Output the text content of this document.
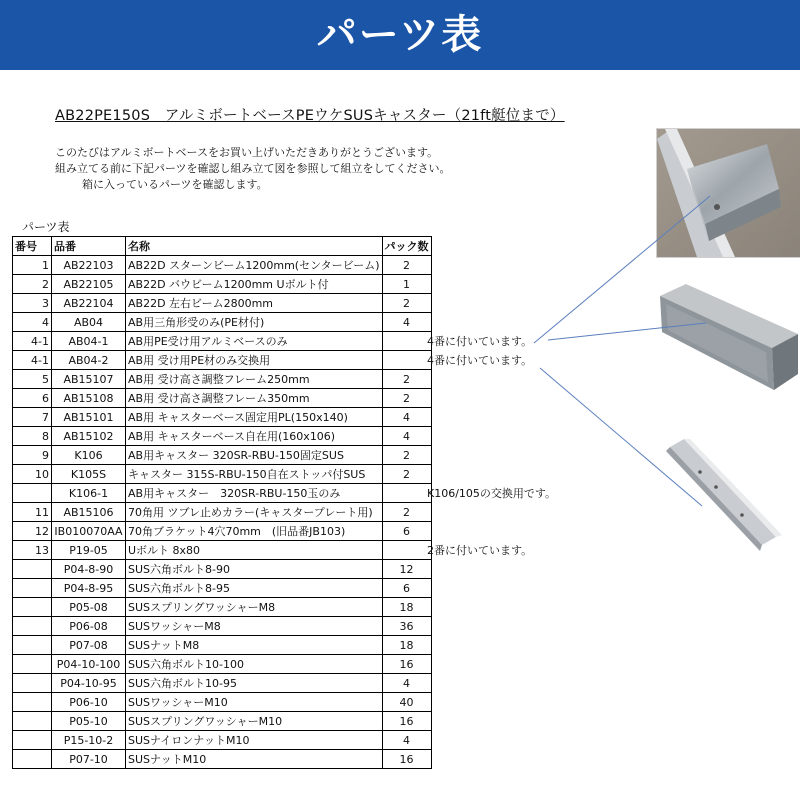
パーツ表
AB22PE150S　アルミボートベースPEウケSUSキャスター（21ft艇位まで）
このたびはアルミボートベースをお買い上げいただきありがとうございます。
組み立てる前に下記パーツを確認し組み立て図を参照して組立をしてください。
箱に入っているパーツを確認します。
パーツ表
番号	品番	名称	パック数
1	AB22103	AB22D スターンビーム1200mm(センタービーム)	2
2	AB22105	AB22D バウビーム1200mm Uボルト付	1
3	AB22104	AB22D 左右ビーム2800mm	2
4	AB04	AB用三角形受のみ(PE材付)	4
4-1	AB04-1	AB用PE受け用アルミベースのみ	
4-1	AB04-2	AB用 受け用PE材のみ交換用	
5	AB15107	AB用 受け高さ調整フレーム250mm	2
6	AB15108	AB用 受け高さ調整フレーム350mm	2
7	AB15101	AB用 キャスターベース固定用PL(150x140)	4
8	AB15102	AB用 キャスターベース自在用(160x106)	4
9	K106	AB用キャスター 320SR-RBU-150固定SUS	2
10	K105S	キャスター 315S-RBU-150自在ストッパ付SUS	2
	K106-1	AB用キャスター　320SR-RBU-150玉のみ	
11	AB15106	70角用 ツブレ止めカラー(キャスタープレート用)	2
12	IB010070AA	70角ブラケット4穴70mm　(旧品番JB103)	6
13	P19-05	Uボルト 8x80	
	P04-8-90	SUS六角ボルト8-90	12
	P04-8-95	SUS六角ボルト8-95	6
	P05-08	SUSスプリングワッシャーM8	18
	P06-08	SUSワッシャーM8	36
	P07-08	SUSナットM8	18
	P04-10-100	SUS六角ボルト10-100	16
	P04-10-95	SUS六角ボルト10-95	4
	P06-10	SUSワッシャーM10	40
	P05-10	SUSスプリングワッシャーM10	16
	P15-10-2	SUSナイロンナットM10	4
	P07-10	SUSナットM10	16
4番に付いています。
4番に付いています。
K106/105の交換用です。
2番に付いています。
